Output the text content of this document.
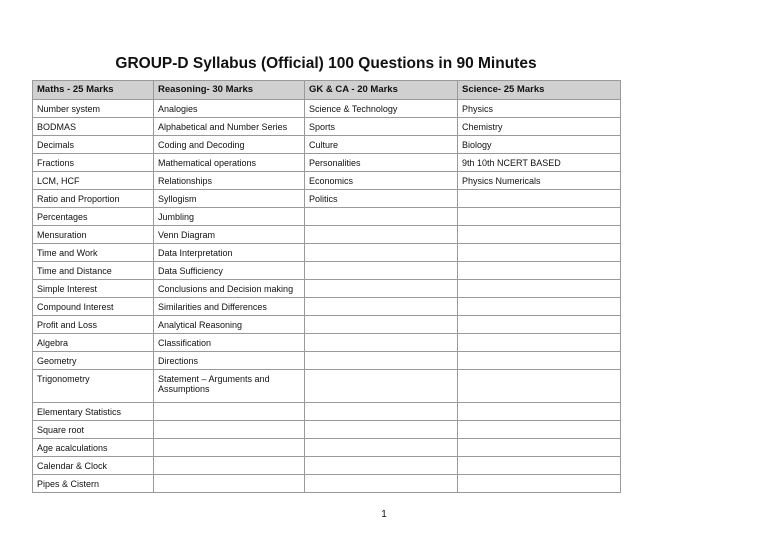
GROUP-D Syllabus (Official) 100 Questions in 90 Minutes
Maths - 25 Marks	Reasoning- 30 Marks	GK & CA - 20 Marks	Science- 25 Marks
Number system	Analogies	Science & Technology	Physics
BODMAS	Alphabetical and Number Series	Sports	Chemistry
Decimals	Coding and Decoding	Culture	Biology
Fractions	Mathematical operations	Personalities	9th 10th NCERT BASED
LCM, HCF	Relationships	Economics	Physics Numericals
Ratio and Proportion	Syllogism	Politics	
Percentages	Jumbling		
Mensuration	Venn Diagram		
Time and Work	Data Interpretation		
Time and Distance	Data Sufficiency		
Simple Interest	Conclusions and Decision making		
Compound Interest	Similarities and Differences		
Profit and Loss	Analytical Reasoning		
Algebra	Classification		
Geometry	Directions		
Trigonometry	Statement – Arguments and Assumptions		
Elementary Statistics			
Square root			
Age acalculations			
Calendar & Clock			
Pipes & Cistern			
1
